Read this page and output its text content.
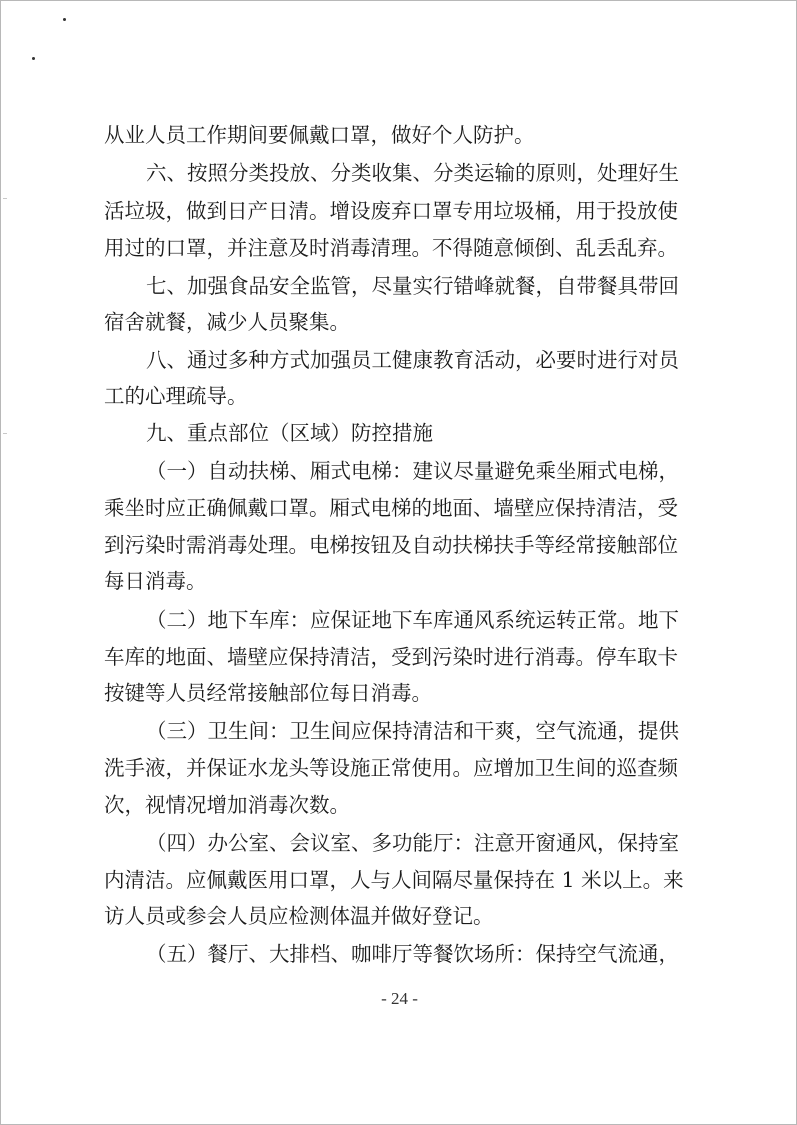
从业人员工作期间要佩戴口罩，做好个人防护。
六、按照分类投放、分类收集、分类运输的原则，处理好生
活垃圾，做到日产日清。增设废弃口罩专用垃圾桶，用于投放使
用过的口罩，并注意及时消毒清理。不得随意倾倒、乱丢乱弃。
七、加强食品安全监管，尽量实行错峰就餐，自带餐具带回
宿舍就餐，减少人员聚集。
八、通过多种方式加强员工健康教育活动，必要时进行对员
工的心理疏导。
九、重点部位（区域）防控措施
（一）自动扶梯、厢式电梯：建议尽量避免乘坐厢式电梯，
乘坐时应正确佩戴口罩。厢式电梯的地面、墙壁应保持清洁，受
到污染时需消毒处理。电梯按钮及自动扶梯扶手等经常接触部位
每日消毒。
（二）地下车库：应保证地下车库通风系统运转正常。地下
车库的地面、墙壁应保持清洁，受到污染时进行消毒。停车取卡
按键等人员经常接触部位每日消毒。
（三）卫生间：卫生间应保持清洁和干爽，空气流通，提供
洗手液，并保证水龙头等设施正常使用。应增加卫生间的巡查频
次，视情况增加消毒次数。
（四）办公室、会议室、多功能厅：注意开窗通风，保持室
内清洁。应佩戴医用口罩，人与人间隔尽量保持在 1 米以上。来
访人员或参会人员应检测体温并做好登记。
（五）餐厅、大排档、咖啡厅等餐饮场所：保持空气流通，
- 24 -
